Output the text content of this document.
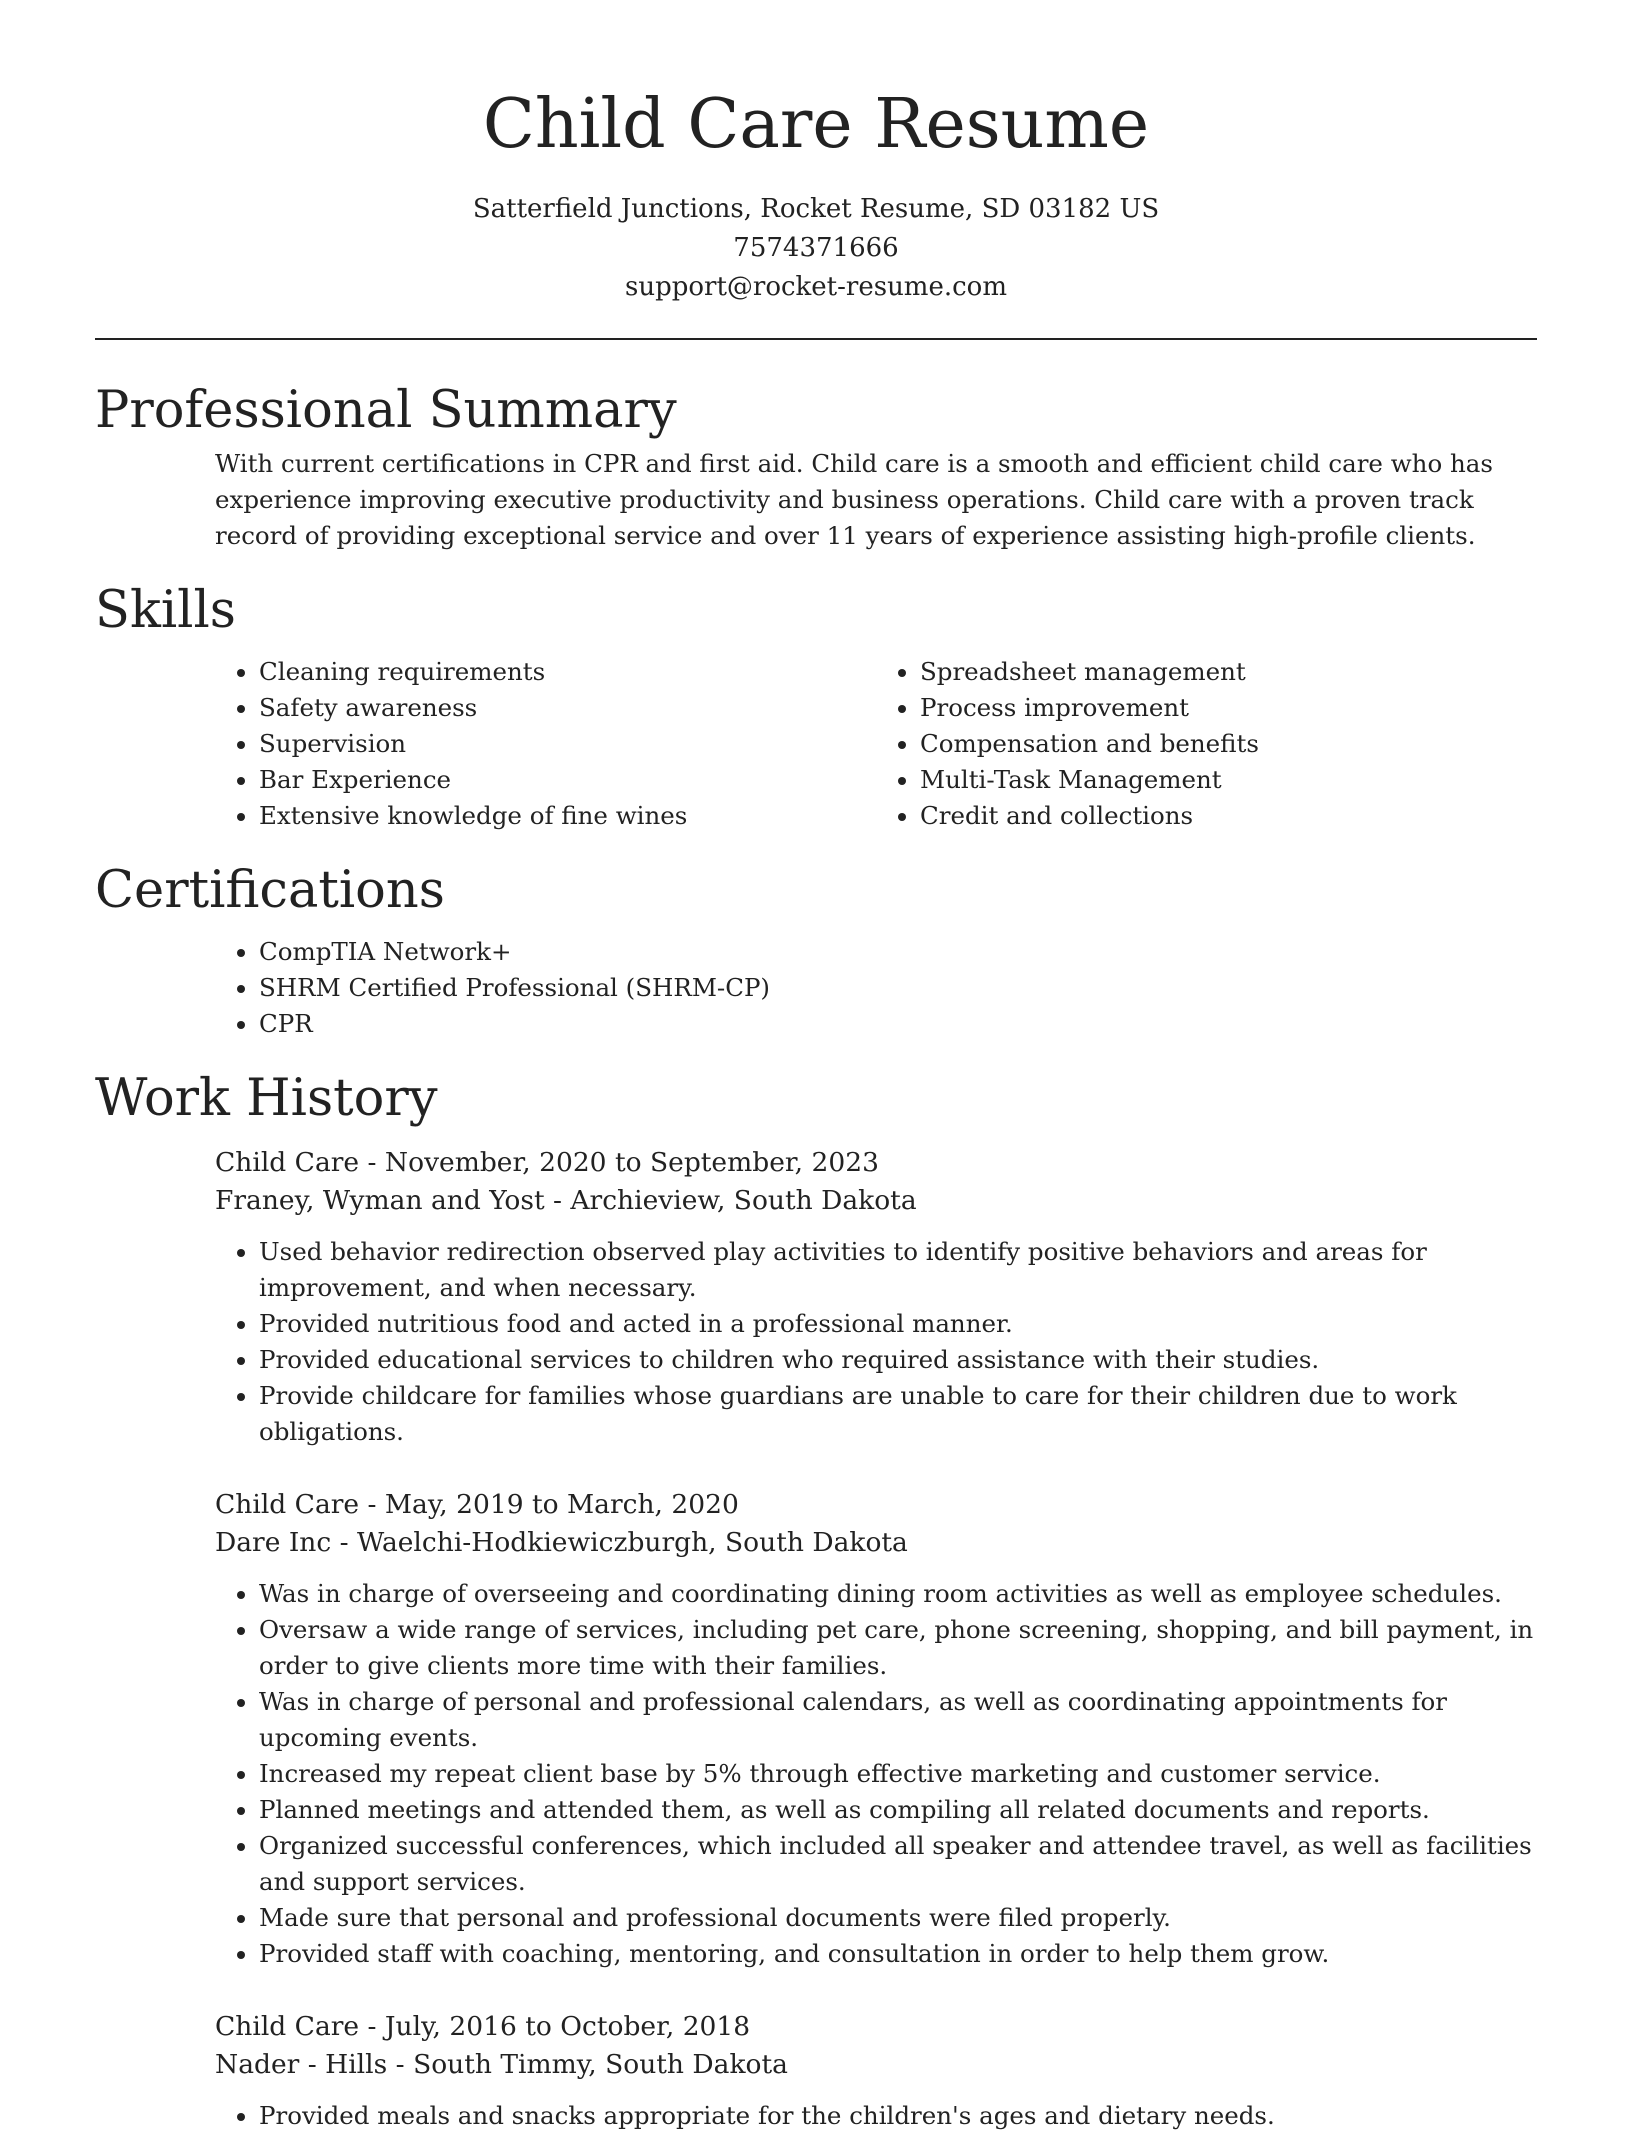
Child Care Resume
Satterfield Junctions, Rocket Resume, SD 03182 US
7574371666
support@rocket-resume.com
Professional Summary

With current certifications in CPR and first aid. Child care is a smooth and efficient child care who has experience improving executive productivity and business operations. Child care with a proven track record of providing exceptional service and over 11 years of experience assisting high-profile clients.

Skills
• Cleaning requirements
• Safety awareness
• Supervision
• Bar Experience
• Extensive knowledge of fine wines
• Spreadsheet management
• Process improvement
• Compensation and benefits
• Multi-Task Management
• Credit and collections
Certifications
• CompTIA Network+
• SHRM Certified Professional (SHRM-CP)
• CPR
Work History
Child Care - November, 2020 to September, 2023
Franey, Wyman and Yost - Archieview, South Dakota
• Used behavior redirection observed play activities to identify positive behaviors and areas for improvement, and when necessary.
• Provided nutritious food and acted in a professional manner.
• Provided educational services to children who required assistance with their studies.
• Provide childcare for families whose guardians are unable to care for their children due to work obligations.
Child Care - May, 2019 to March, 2020
Dare Inc - Waelchi-Hodkiewiczburgh, South Dakota
• Was in charge of overseeing and coordinating dining room activities as well as employee schedules.
• Oversaw a wide range of services, including pet care, phone screening, shopping, and bill payment, in order to give clients more time with their families.
• Was in charge of personal and professional calendars, as well as coordinating appointments for upcoming events.
• Increased my repeat client base by 5% through effective marketing and customer service.
• Planned meetings and attended them, as well as compiling all related documents and reports.
• Organized successful conferences, which included all speaker and attendee travel, as well as facilities and support services.
• Made sure that personal and professional documents were filed properly.
• Provided staff with coaching, mentoring, and consultation in order to help them grow.
Child Care - July, 2016 to October, 2018
Nader - Hills - South Timmy, South Dakota
• Provided meals and snacks appropriate for the children's ages and dietary needs.
